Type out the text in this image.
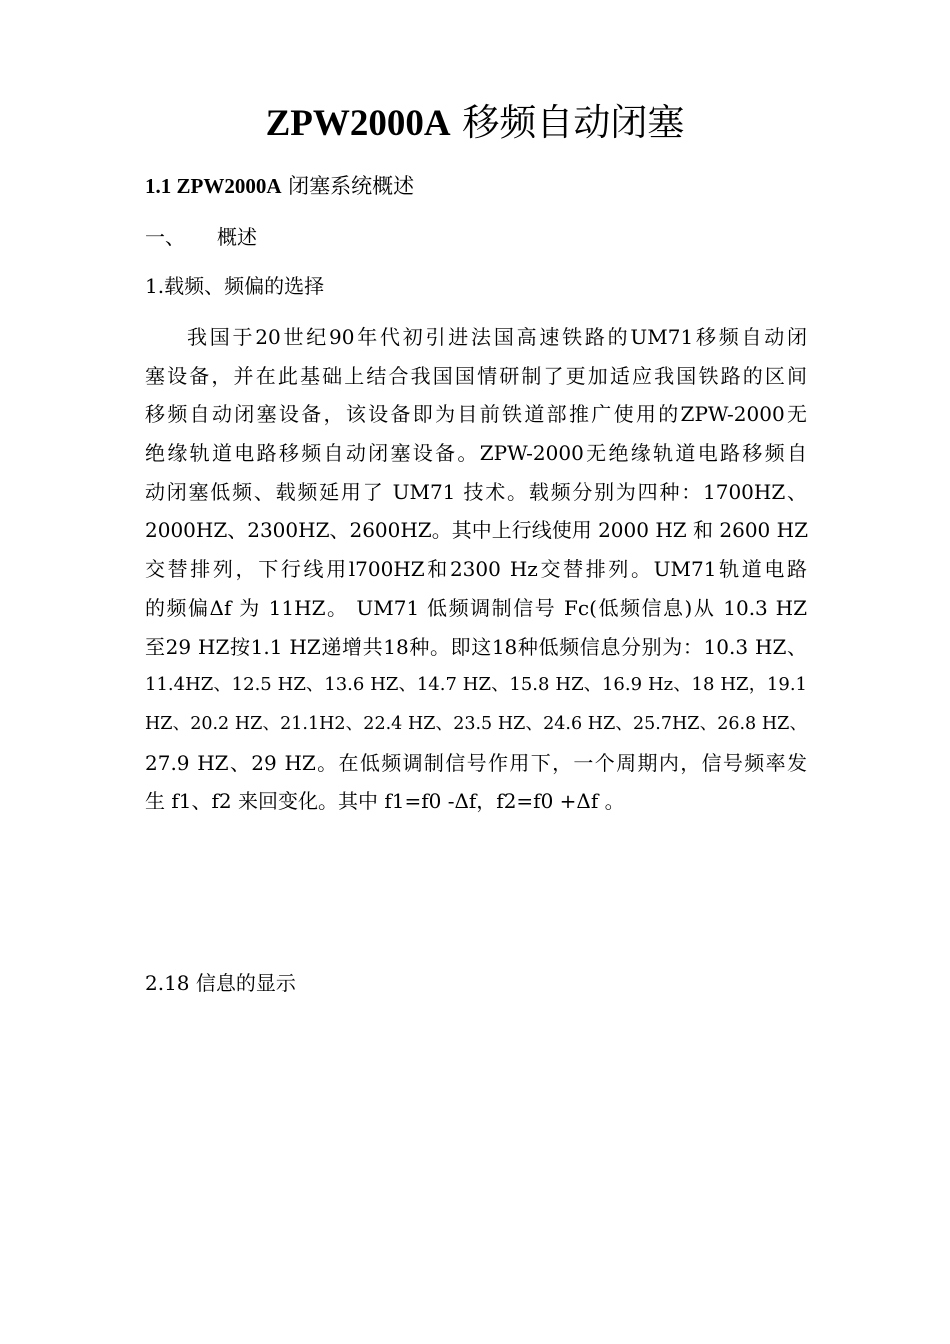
ZPW2000A 移频自动闭塞
1.1 ZPW2000A 闭塞系统概述
一、 概述
1.载频、频偏的选择
我国于20世纪90年代初引进法国高速铁路的UM71移频自动闭
塞设备，并在此基础上结合我国国情研制了更加适应我国铁路的区间
移频自动闭塞设备，该设备即为目前铁道部推广使用的ZPW-2000无
绝缘轨道电路移频自动闭塞设备。ZPW-2000无绝缘轨道电路移频自
动闭塞低频、载频延用了 UM71 技术。载频分别为四种：1700HZ、
2000HZ、2300HZ、2600HZ。其中上行线使用 2000 HZ 和 2600 HZ
交替排列，下行线用l700HZ和2300 Hz交替排列。UM71轨道电路
的频偏Δf 为 11HZ。 UM71 低频调制信号 Fc(低频信息)从 10.3 HZ
至29 HZ按1.1 HZ递增共18种。即这18种低频信息分别为：10.3 HZ、
11.4HZ、12.5 HZ、13.6 HZ、14.7 HZ、15.8 HZ、16.9 Hz、18 HZ，19.1
HZ、20.2 HZ、21.1H2、22.4 HZ、23.5 HZ、24.6 HZ、25.7HZ、26.8 HZ、
27.9 HZ、29 HZ。在低频调制信号作用下，一个周期内，信号频率发
生 f1、f2 来回变化。其中 f1=f0 -Δf，f2=f0 +Δf 。
2.18 信息的显示
